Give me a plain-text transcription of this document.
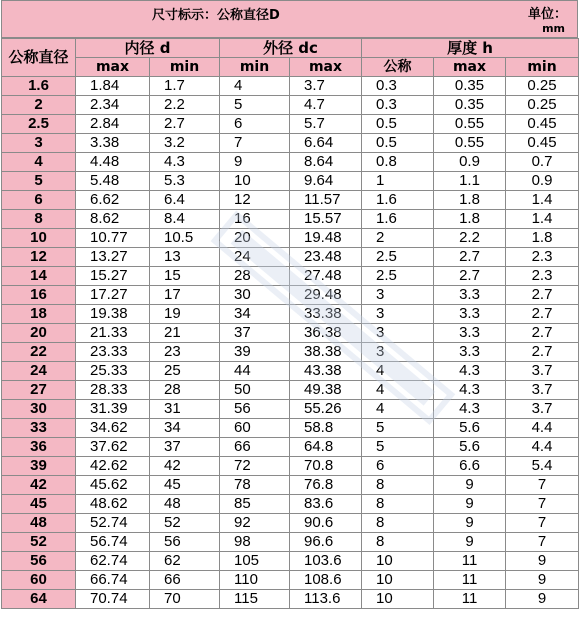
尺寸标示：公称直径D	单位：
mm
公称直径	内径 d		外径 dc		厚度 h		
	max	min	min	max	公称	max	min
1.6	1.84	1.7	4	3.7	0.3	0.35	0.25
2	2.34	2.2	5	4.7	0.3	0.35	0.25
2.5	2.84	2.7	6	5.7	0.5	0.55	0.45
3	3.38	3.2	7	6.64	0.5	0.55	0.45
4	4.48	4.3	9	8.64	0.8	0.9	0.7
5	5.48	5.3	10	9.64	1	1.1	0.9
6	6.62	6.4	12	11.57	1.6	1.8	1.4
8	8.62	8.4	16	15.57	1.6	1.8	1.4
10	10.77	10.5	20	19.48	2	2.2	1.8
12	13.27	13	24	23.48	2.5	2.7	2.3
14	15.27	15	28	27.48	2.5	2.7	2.3
16	17.27	17	30	29.48	3	3.3	2.7
18	19.38	19	34	33.38	3	3.3	2.7
20	21.33	21	37	36.38	3	3.3	2.7
22	23.33	23	39	38.38	3	3.3	2.7
24	25.33	25	44	43.38	4	4.3	3.7
27	28.33	28	50	49.38	4	4.3	3.7
30	31.39	31	56	55.26	4	4.3	3.7
33	34.62	34	60	58.8	5	5.6	4.4
36	37.62	37	66	64.8	5	5.6	4.4
39	42.62	42	72	70.8	6	6.6	5.4
42	45.62	45	78	76.8	8	9	7
45	48.62	48	85	83.6	8	9	7
48	52.74	52	92	90.6	8	9	7
52	56.74	56	98	96.6	8	9	7
56	62.74	62	105	103.6	10	11	9
60	66.74	66	110	108.6	10	11	9
64	70.74	70	115	113.6	10	11	9
